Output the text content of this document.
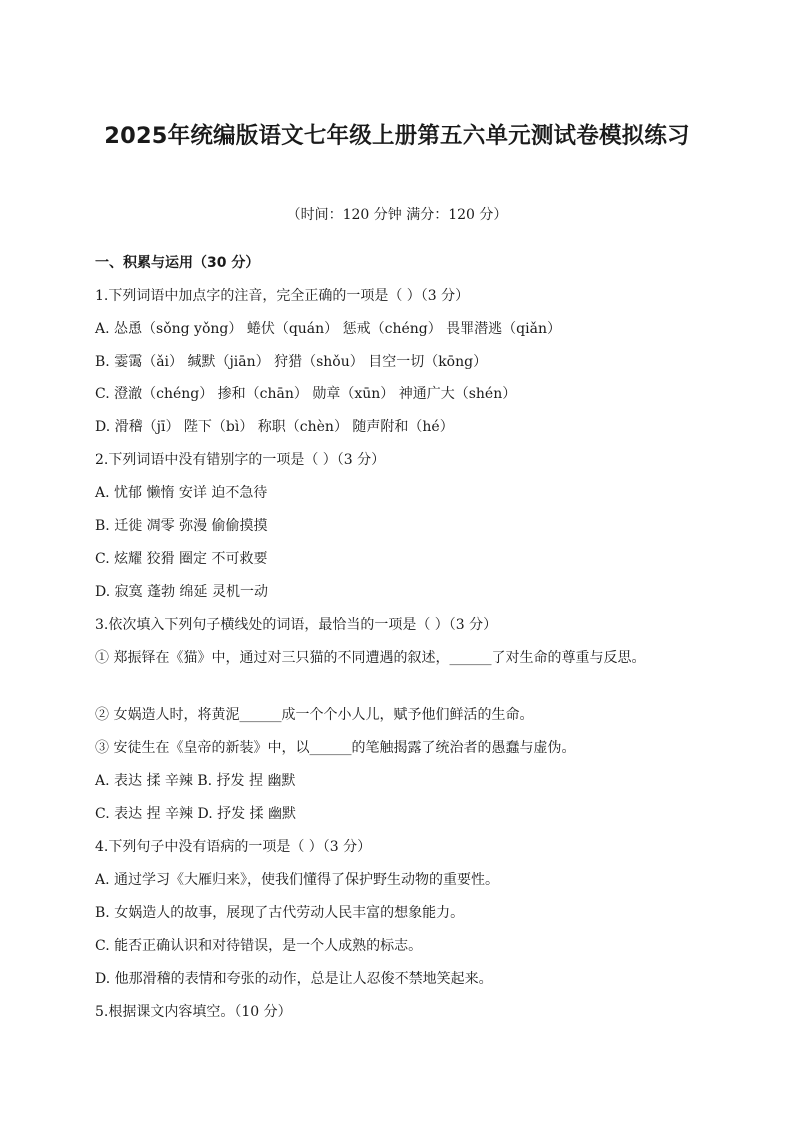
2025年统编版语文七年级上册第五六单元测试卷模拟练习
（时间：120 分钟 满分：120 分）
一、积累与运用（30 分）
1.下列词语中加点字的注音，完全正确的一项是（ ）（3 分）
A. 怂恿（sǒng yǒng） 蜷伏（quán） 惩戒（chéng） 畏罪潜逃（qiǎn）
B. 霎霭（ǎi） 缄默（jiān） 狩猎（shǒu） 目空一切（kōng）
C. 澄澈（chéng） 掺和（chān） 勋章（xūn） 神通广大（shén）
D. 滑稽（jī） 陛下（bì） 称职（chèn） 随声附和（hé）
2.下列词语中没有错别字的一项是（ ）（3 分）
A. 忧郁 懒惰 安详 迫不急待
B. 迁徙 凋零 弥漫 偷偷摸摸
C. 炫耀 狡猾 圈定 不可救要
D. 寂寞 蓬勃 绵延 灵机一动
3.依次填入下列句子横线处的词语，最恰当的一项是（ ）（3 分）
① 郑振铎在《猫》中，通过对三只猫的不同遭遇的叙述，______了对生命的尊重与反思。
② 女娲造人时，将黄泥______成一个个小人儿，赋予他们鲜活的生命。
③ 安徒生在《皇帝的新装》中，以______的笔触揭露了统治者的愚蠢与虚伪。
A. 表达 揉 辛辣 B. 抒发 捏 幽默
C. 表达 捏 辛辣 D. 抒发 揉 幽默
4.下列句子中没有语病的一项是（ ）（3 分）
A. 通过学习《大雁归来》，使我们懂得了保护野生动物的重要性。
B. 女娲造人的故事，展现了古代劳动人民丰富的想象能力。
C. 能否正确认识和对待错误，是一个人成熟的标志。
D. 他那滑稽的表情和夸张的动作，总是让人忍俊不禁地笑起来。
5.根据课文内容填空。（10 分）
